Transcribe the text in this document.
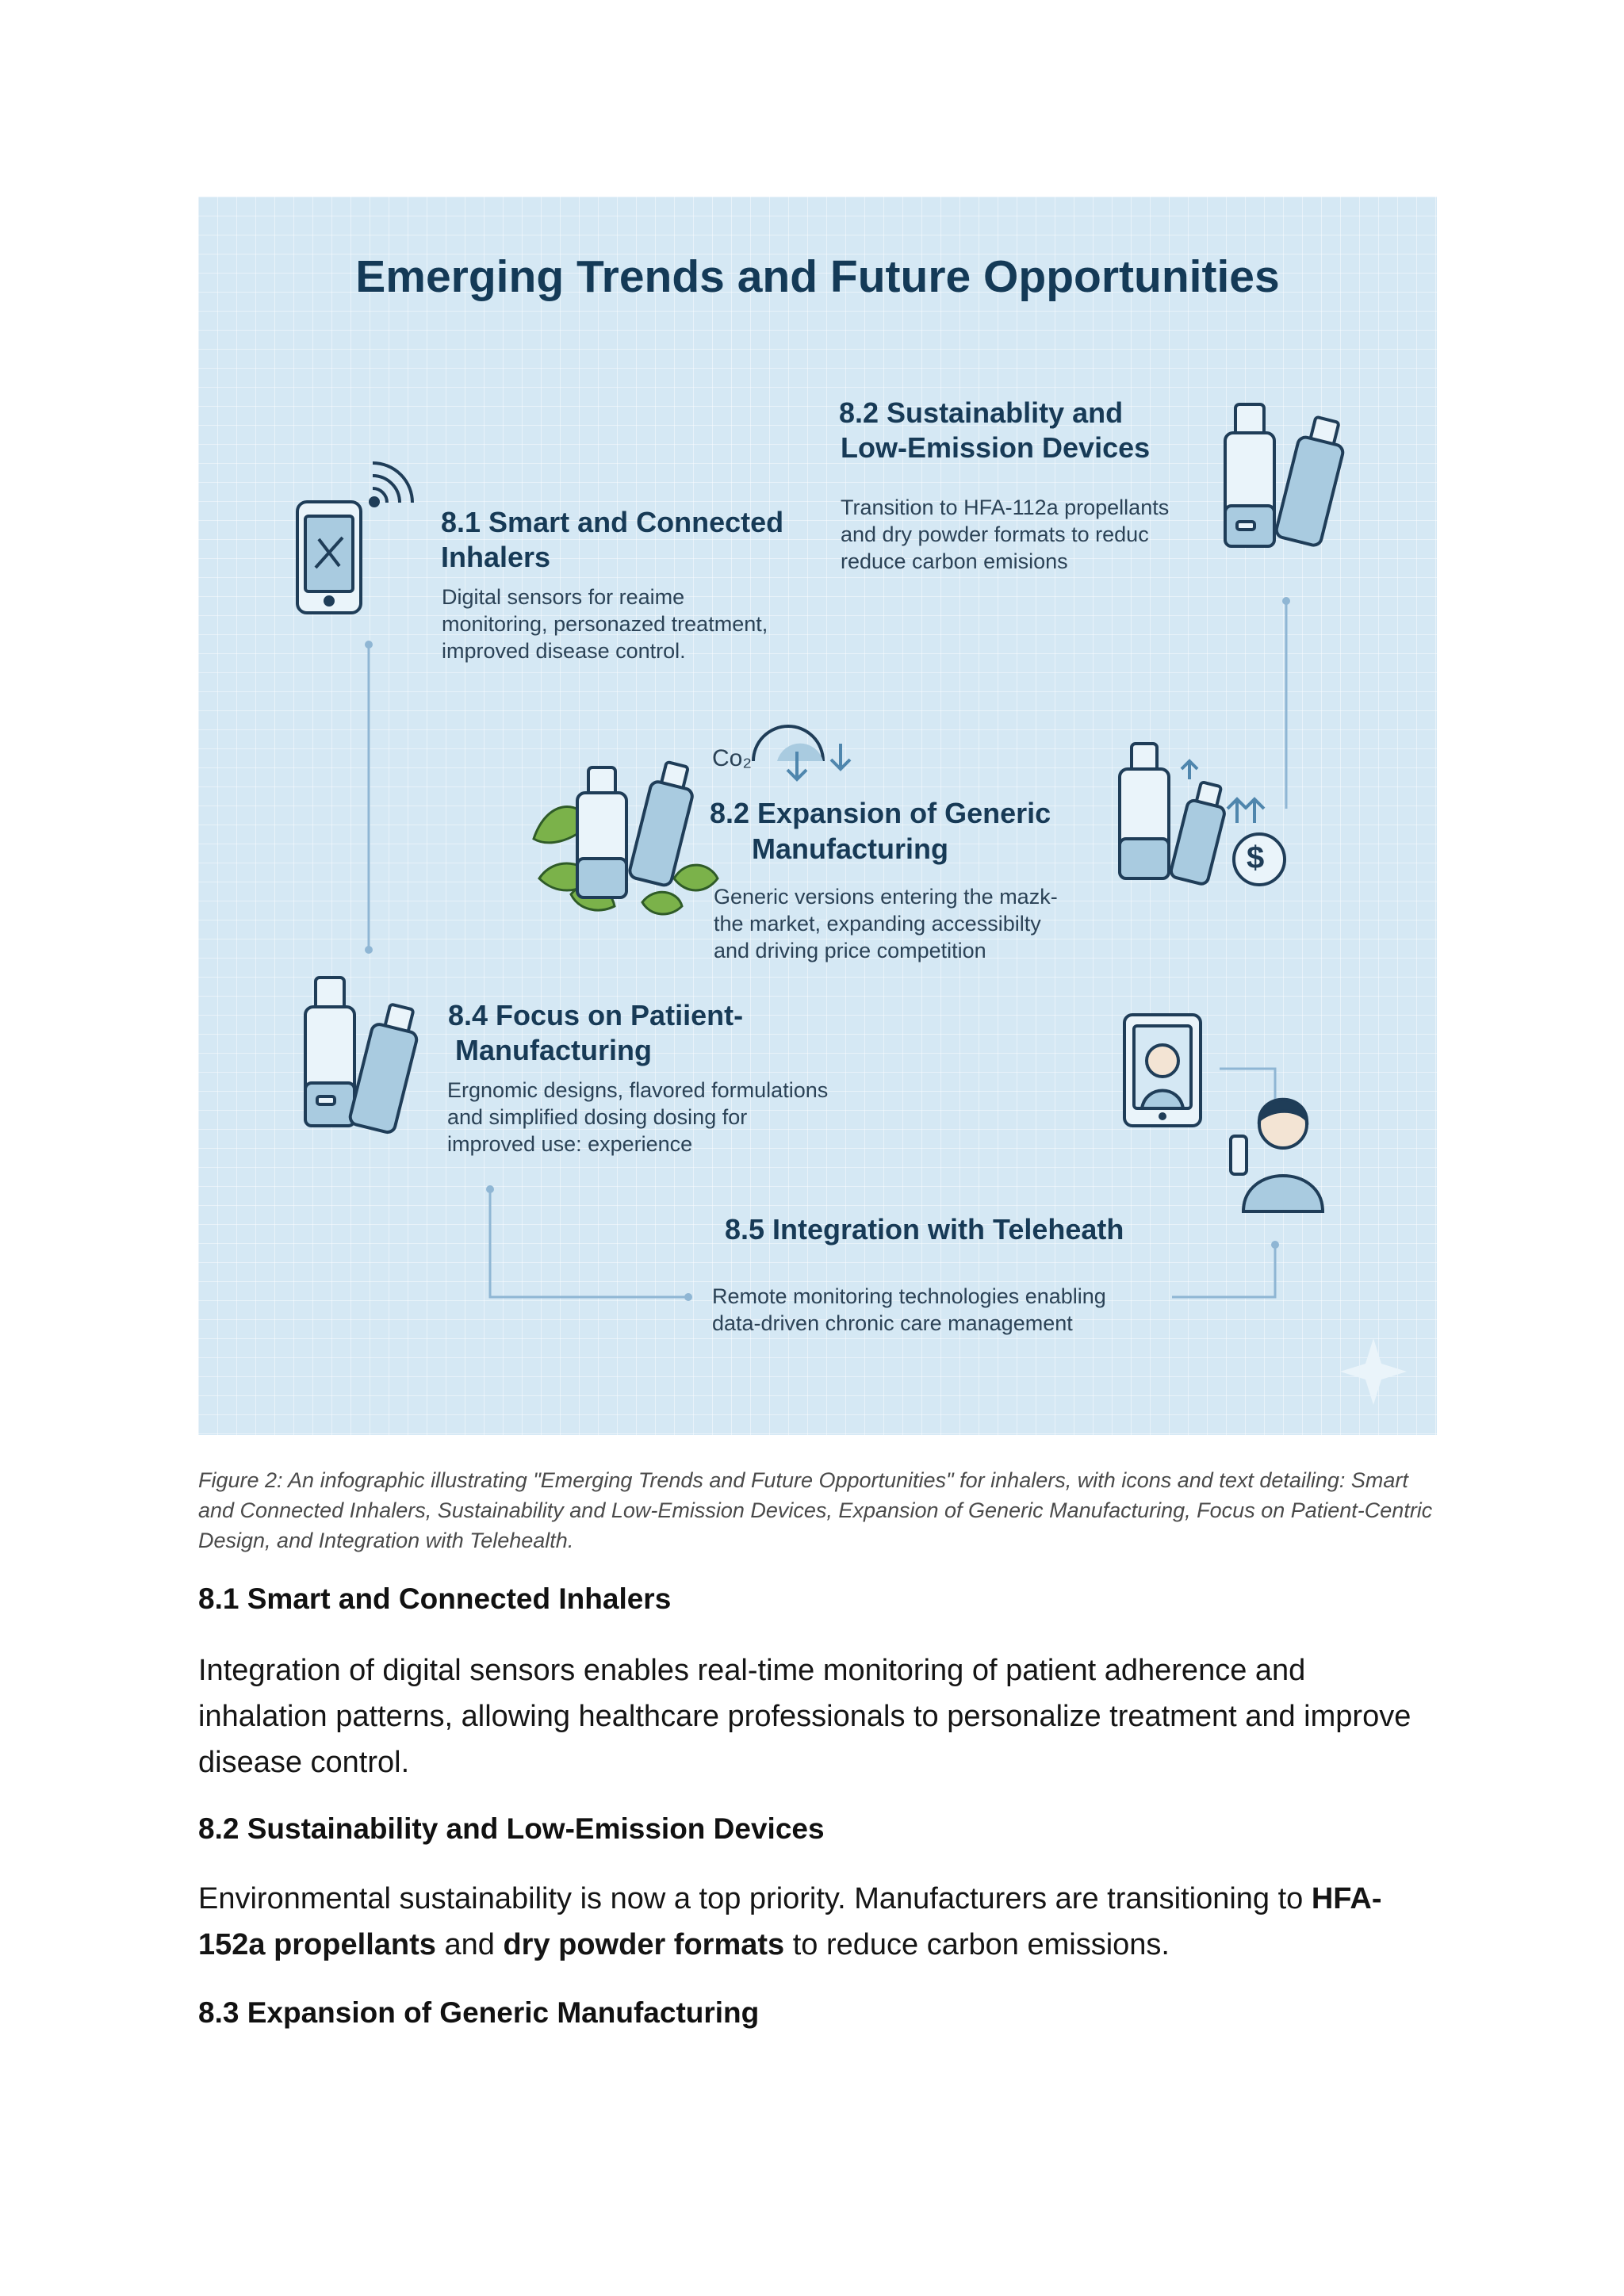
Emerging Trends and Future Opportunities
8.1 Smart and Connected
Inhalers
Digital sensors for reaime
monitoring, personazed treatment,
improved disease control.
8.2 Sustainablity and
Low-Emission Devices
Transition to HFA-112a propellants
and dry powder formats to reduc
reduce carbon emisions
Co₂
8.2 Expansion of Generic
Manufacturing
Generic versions entering the mazk-
the market, expanding accessibilty
and driving price competition
$
8.4 Focus on Patiient-
Manufacturing
Ergnomic designs, flavored formulations
and simplified dosing dosing for
improved use: experience
8.5 Integration with Teleheath
Remote monitoring technologies enabling
data-driven chronic care management
Figure 2: An infographic illustrating "Emerging Trends and Future Opportunities" for inhalers, with icons and text detailing: Smart and Connected Inhalers, Sustainability and Low-Emission Devices, Expansion of Generic Manufacturing, Focus on Patient-Centric Design, and Integration with Telehealth.
8.1 Smart and Connected Inhalers
Integration of digital sensors enables real-time monitoring of patient adherence and inhalation patterns, allowing healthcare professionals to personalize treatment and improve disease control.
8.2 Sustainability and Low-Emission Devices
Environmental sustainability is now a top priority. Manufacturers are transitioning to HFA-152a propellants and dry powder formats to reduce carbon emissions.
8.3 Expansion of Generic Manufacturing
